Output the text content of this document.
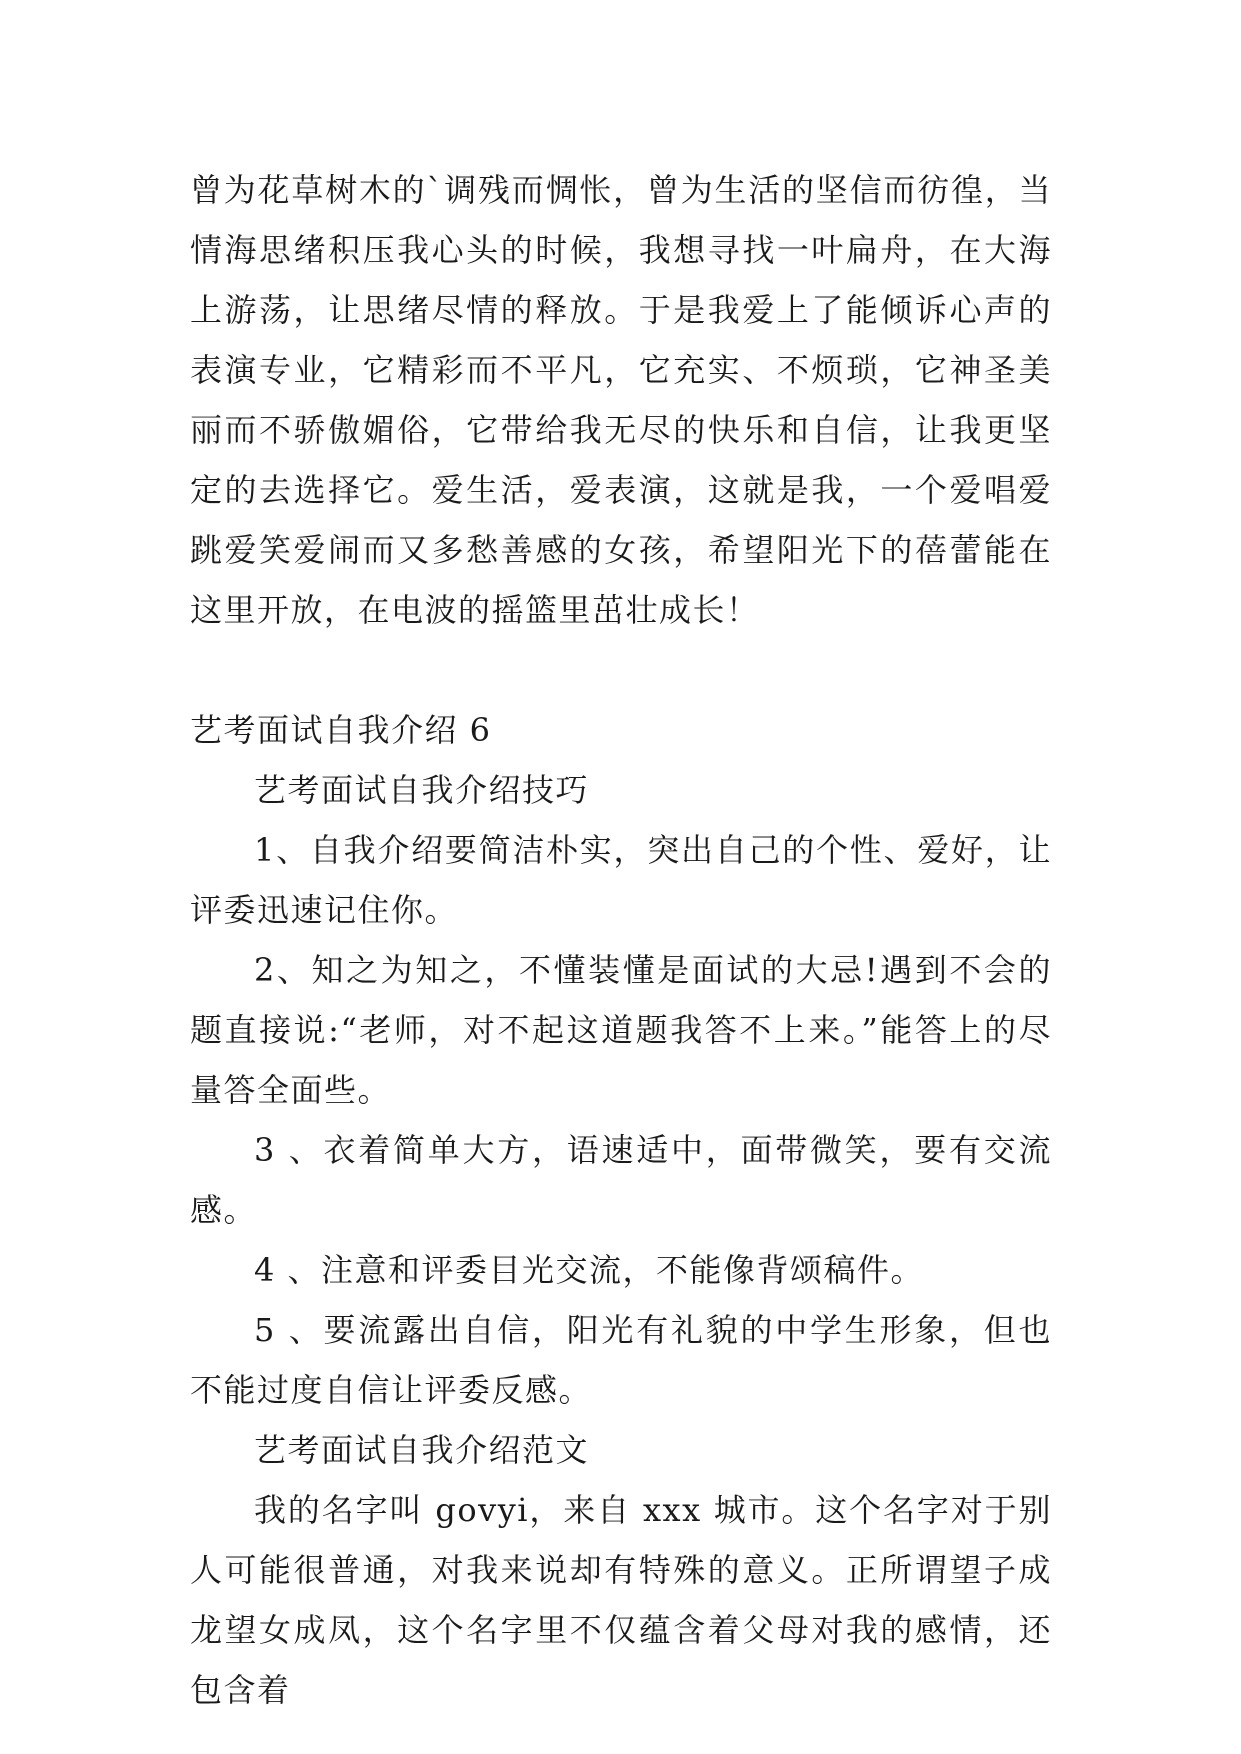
曾为花草树木的`调残而惆怅，曾为生活的坚信而彷徨，当情海思绪积压我心头的时候，我想寻找一叶扁舟，在大海上游荡，让思绪尽情的释放。于是我爱上了能倾诉心声的表演专业，它精彩而不平凡，它充实、不烦琐，它神圣美丽而不骄傲媚俗，它带给我无尽的快乐和自信，让我更坚定的去选择它。爱生活，爱表演，这就是我，一个爱唱爱跳爱笑爱闹而又多愁善感的女孩，希望阳光下的蓓蕾能在这里开放，在电波的摇篮里茁壮成长！

艺考面试自我介绍 6

艺考面试自我介绍技巧

1、自我介绍要简洁朴实，突出自己的个性、爱好，让评委迅速记住你。

2、知之为知之，不懂装懂是面试的大忌!遇到不会的题直接说:“老师，对不起这道题我答不上来。”能答上的尽量答全面些。

3 、衣着简单大方，语速适中，面带微笑，要有交流感。

4 、注意和评委目光交流，不能像背颂稿件。

5 、要流露出自信，阳光有礼貌的中学生形象，但也不能过度自信让评委反感。

艺考面试自我介绍范文

我的名字叫 govyi，来自 xxx 城市。这个名字对于别人可能很普通，对我来说却有特殊的意义。正所谓望子成龙望女成凤，这个名字里不仅蕴含着父母对我的感情，还包含着
